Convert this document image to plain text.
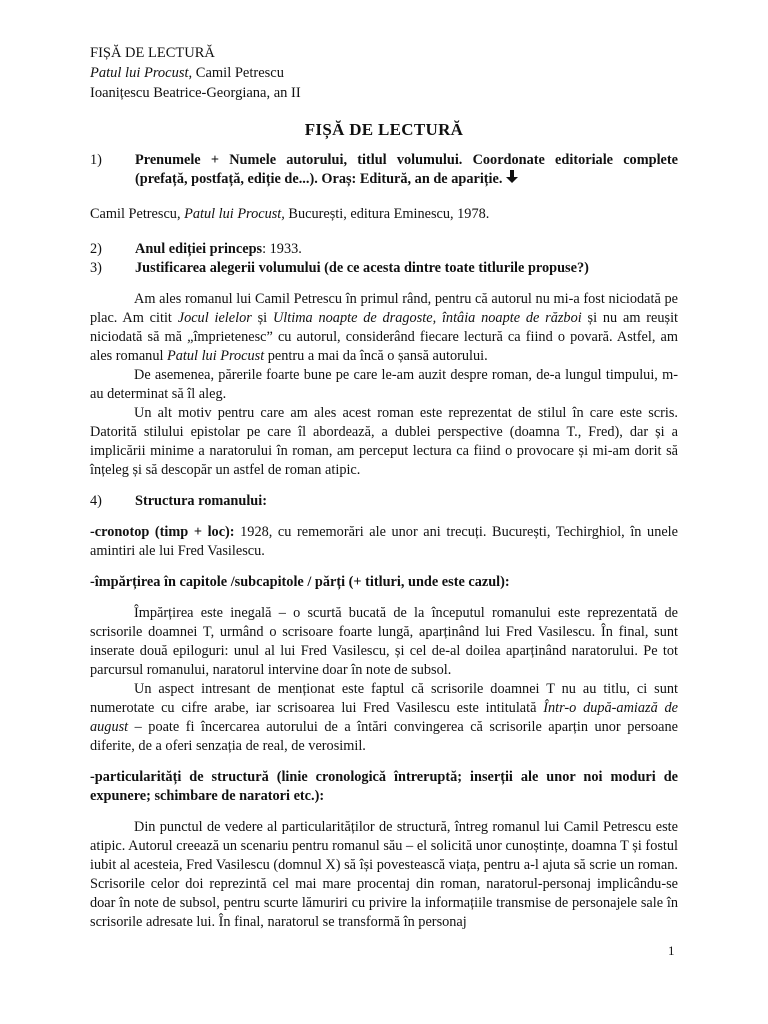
FIȘĂ DE LECTURĂ
Patul lui Procust, Camil Petrescu
Ioanițescu Beatrice-Georgiana, an II
FIȘĂ DE LECTURĂ
1)	Prenumele + Numele autorului, titlul volumului. Coordonate editoriale complete (prefață, postfață, ediție de...). Oraș: Editură, an de apariție.
Camil Petrescu, Patul lui Procust, București, editura Eminescu, 1978.
2)	Anul ediției princeps: 1933.
3)	Justificarea alegerii volumului (de ce acesta dintre toate titlurile propuse?)
Am ales romanul lui Camil Petrescu în primul rând, pentru că autorul nu mi-a fost niciodată pe plac. Am citit Jocul ielelor și Ultima noapte de dragoste, întâia noapte de război și nu am reușit niciodată să mă „împrietenesc” cu autorul, considerând fiecare lectură ca fiind o povară. Astfel, am ales romanul Patul lui Procust pentru a mai da încă o șansă autorului.
De asemenea, părerile foarte bune pe care le-am auzit despre roman, de-a lungul timpului, m-au determinat să îl aleg.
Un alt motiv pentru care am ales acest roman este reprezentat de stilul în care este scris. Datorită stilului epistolar pe care îl abordează, a dublei perspective (doamna T., Fred), dar și a implicării minime a naratorului în roman, am perceput lectura ca fiind o provocare și mi-am dorit să înțeleg și să descopăr un astfel de roman atipic.
4)	Structura romanului:
-cronotop (timp + loc): 1928, cu rememorări ale unor ani trecuți. București, Techirghiol, în unele amintiri ale lui Fred Vasilescu.
-împărțirea în capitole /subcapitole / părți (+ titluri, unde este cazul):
Împărțirea este inegală – o scurtă bucată de la începutul romanului este reprezentată de scrisorile doamnei T, urmând o scrisoare foarte lungă, aparținând lui Fred Vasilescu. În final, sunt inserate două epiloguri: unul al lui Fred Vasilescu, și cel de-al doilea aparținând naratorului. Pe tot parcursul romanului, naratorul intervine doar în note de subsol.
Un aspect intresant de menționat este faptul că scrisorile doamnei T nu au titlu, ci sunt numerotate cu cifre arabe, iar scrisoarea lui Fred Vasilescu este intitulată Într-o după-amiază de august – poate fi încercarea autorului de a întări convingerea că scrisorile aparțin unor persoane diferite, de a oferi senzația de real, de verosimil.
-particularități de structură (linie cronologică întreruptă; inserții ale unor noi moduri de expunere; schimbare de naratori etc.):
Din punctul de vedere al particularităților de structură, întreg romanul lui Camil Petrescu este atipic. Autorul creează un scenariu pentru romanul său – el solicită unor cunoștințe, doamna T și fostul iubit al acesteia, Fred Vasilescu (domnul X) să își povestească viața, pentru a-l ajuta să scrie un roman. Scrisorile celor doi reprezintă cel mai mare procentaj din roman, naratorul-personaj implicându-se doar în note de subsol, pentru scurte lămuriri cu privire la informațiile transmise de personajele sale în scrisorile adresate lui. În final, naratorul se transformă în personaj
1
